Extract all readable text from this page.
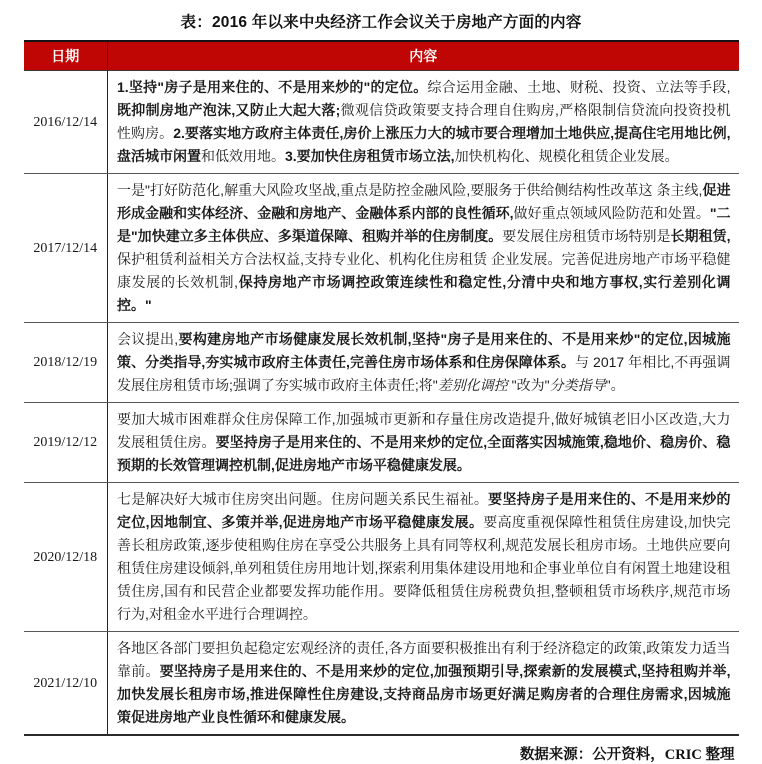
表：2016 年以来中央经济工作会议关于房地产方面的内容
日期	内容
2016/12/14	1.坚持"房子是用来住的、不是用来炒的"的定位。综合运用金融、土地、财税、投资、立法等手段,既抑制房地产泡沫,又防止大起大落;微观信贷政策要支持合理自住购房,严格限制信贷流向投资投机性购房。2.要落实地方政府主体责任,房价上涨压力大的城市要合理增加土地供应,提高住宅用地比例,盘活城市闲置和低效用地。3.要加快住房租赁市场立法,加快机构化、规模化租赁企业发展。
2017/12/14	一是"打好防范化,解重大风险攻坚战,重点是防控金融风险,要服务于供给侧结构性改革这 条主线,促进形成金融和实体经济、金融和房地产、金融体系内部的良性循环,做好重点领域风险防范和处置。"二是"加快建立多主体供应、多渠道保障、租购并举的住房制度。要发展住房租赁市场特别是长期租赁,保护租赁利益相关方合法权益,支持专业化、机构化住房租赁 企业发展。完善促进房地产市场平稳健康发展的长效机制,保持房地产市场调控政策连续性和稳定性,分清中央和地方事权,实行差别化调控。"
2018/12/19	会议提出,要构建房地产市场健康发展长效机制,坚持"房子是用来住的、不是用来炒"的定位,因城施策、分类指导,夯实城市政府主体责任,完善住房市场体系和住房保障体系。与 2017 年相比,不再强调发展住房租赁市场;强调了夯实城市政府主体责任;将"差别化调控 "改为"分类指导"。
2019/12/12	要加大城市困难群众住房保障工作,加强城市更新和存量住房改造提升,做好城镇老旧小区改造,大力发展租赁住房。要坚持房子是用来住的、不是用来炒的定位,全面落实因城施策,稳地价、稳房价、稳预期的长效管理调控机制,促进房地产市场平稳健康发展。
2020/12/18	七是解决好大城市住房突出问题。住房问题关系民生福祉。要坚持房子是用来住的、不是用来炒的定位,因地制宜、多策并举,促进房地产市场平稳健康发展。要高度重视保障性租赁住房建设,加快完善长租房政策,逐步使租购住房在享受公共服务上具有同等权利,规范发展长租房市场。土地供应要向租赁住房建设倾斜,单列租赁住房用地计划,探索利用集体建设用地和企事业单位自有闲置土地建设租赁住房,国有和民营企业都要发挥功能作用。要降低租赁住房税费负担,整顿租赁市场秩序,规范市场行为,对租金水平进行合理调控。
2021/12/10	各地区各部门要担负起稳定宏观经济的责任,各方面要积极推出有利于经济稳定的政策,政策发力适当靠前。要坚持房子是用来住的、不是用来炒的定位,加强预期引导,探索新的发展模式,坚持租购并举,加快发展长租房市场,推进保障性住房建设,支持商品房市场更好满足购房者的合理住房需求,因城施策促进房地产业良性循环和健康发展。
数据来源：公开资料，CRIC 整理
